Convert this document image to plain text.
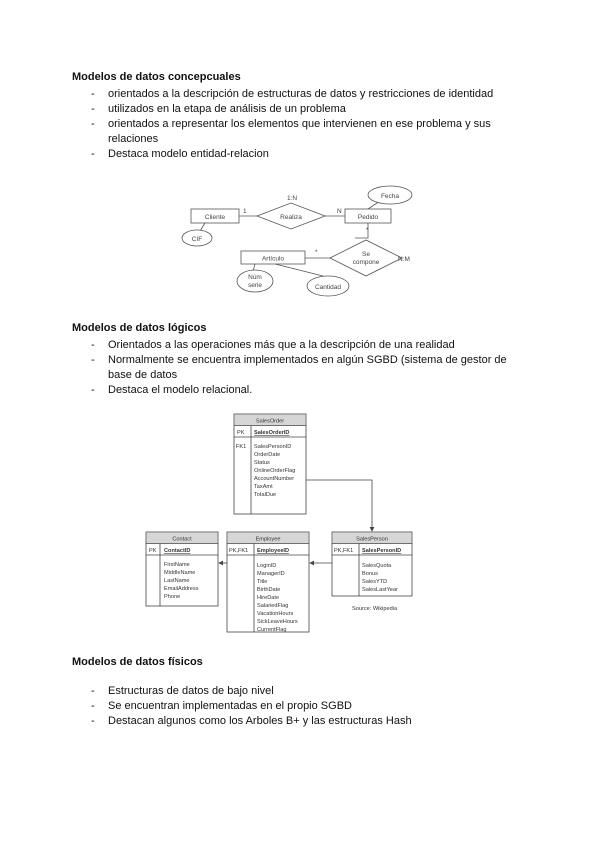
Modelos de datos concepcuales
- orientados a la descripción de estructuras de datos y restricciones de identidad
- utilizados en la etapa de análisis de un problema
- orientados a representar los elementos que intervienen en ese problema y sus relaciones
- Destaca modelo entidad-relacion
Cliente	Realiza	Pedido
Fecha
CIF
Artículo
Se
compone
Núm
serie	Cantidad
1
1:N
N
*
*
N:M
Modelos de datos lógicos
- Orientados a las operaciones más que a la descripción de una realidad
- Normalmente se encuentra implementados en algún SGBD (sistema de gestor de base de datos
- Destaca el modelo relacional.
SalesOrder
PK SalesOrderID
FK1 SalesPersonID
OrderDate
Status
OnlineOrderFlag
AccountNumber
TaxAmt
TotalDue
Contact
PK ContactID
FirstName
MiddleName
LastName
EmailAddress
Phone
Employee
PK,FK1 EmployeeID
LoginID
ManagerID
Title
BirthDate
HireDate
SalariedFlag
VacationHours
SickLeaveHours
CurrentFlag
SalesPerson
PK,FK1 SalesPersonID
SalesQuota
Bonus
SalesYTD
SalesLastYear
Source: Wikipedia
Modelos de datos físicos
- Estructuras de datos de bajo nivel
- Se encuentran implementadas en el propio SGBD
- Destacan algunos como los Arboles B+ y las estructuras Hash
